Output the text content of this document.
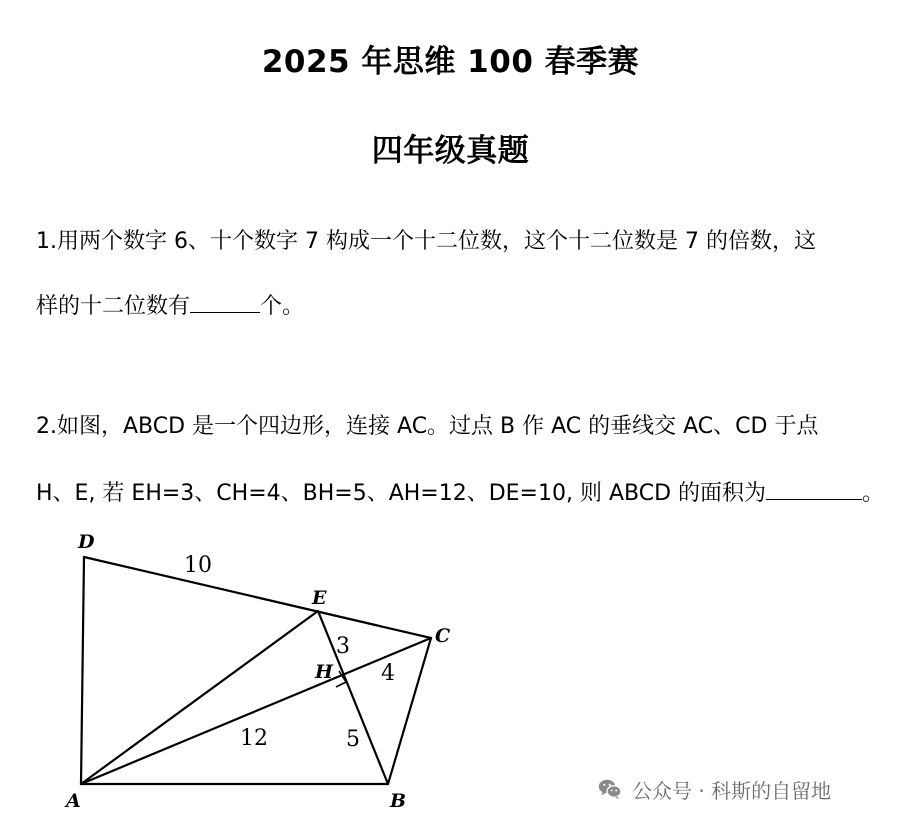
2025 年思维 100 春季赛
四年级真题
1.用两个数字 6、十个数字 7 构成一个十二位数，这个十二位数是 7 的倍数，这
样的十二位数有	个。
2.如图，ABCD 是一个四边形，连接 AC。过点 B 作 AC 的垂线交 AC、CD 于点
H、E, 若 EH=3、CH=4、BH=5、AH=12、DE=10, 则 ABCD 的面积为	。
D
E
C
H
A	B
10
3
4
5
12
公众号 · 科斯的自留地
